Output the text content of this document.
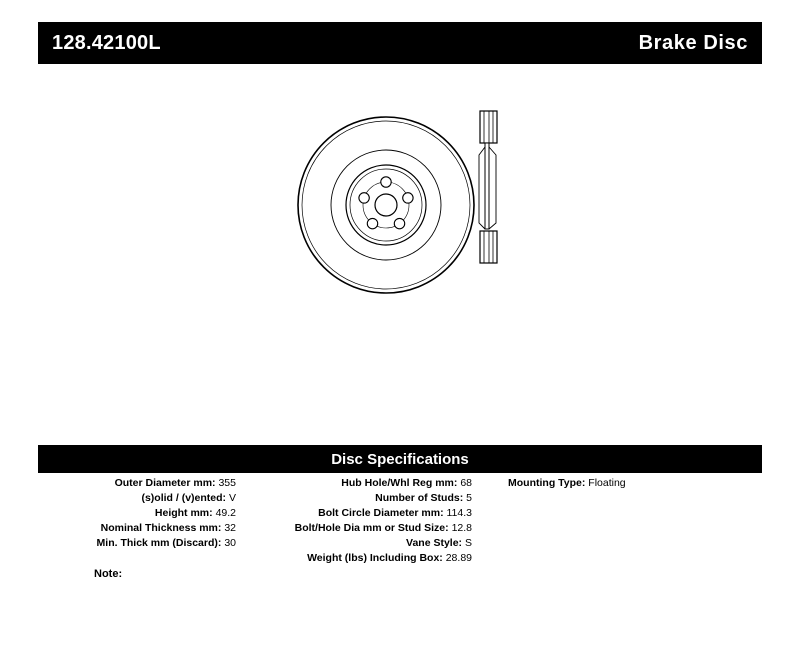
128.42100L	Brake Disc
Disc Specifications
Outer Diameter mm: 355
(s)olid / (v)ented: V
Height mm: 49.2
Nominal Thickness mm: 32
Min. Thick mm (Discard): 30
Hub Hole/Whl Reg mm: 68
Number of Studs: 5
Bolt Circle Diameter mm: 114.3
Bolt/Hole Dia mm or Stud Size: 12.8
Vane Style: S
Weight (lbs) Including Box: 28.89
Mounting Type: Floating
Note:
